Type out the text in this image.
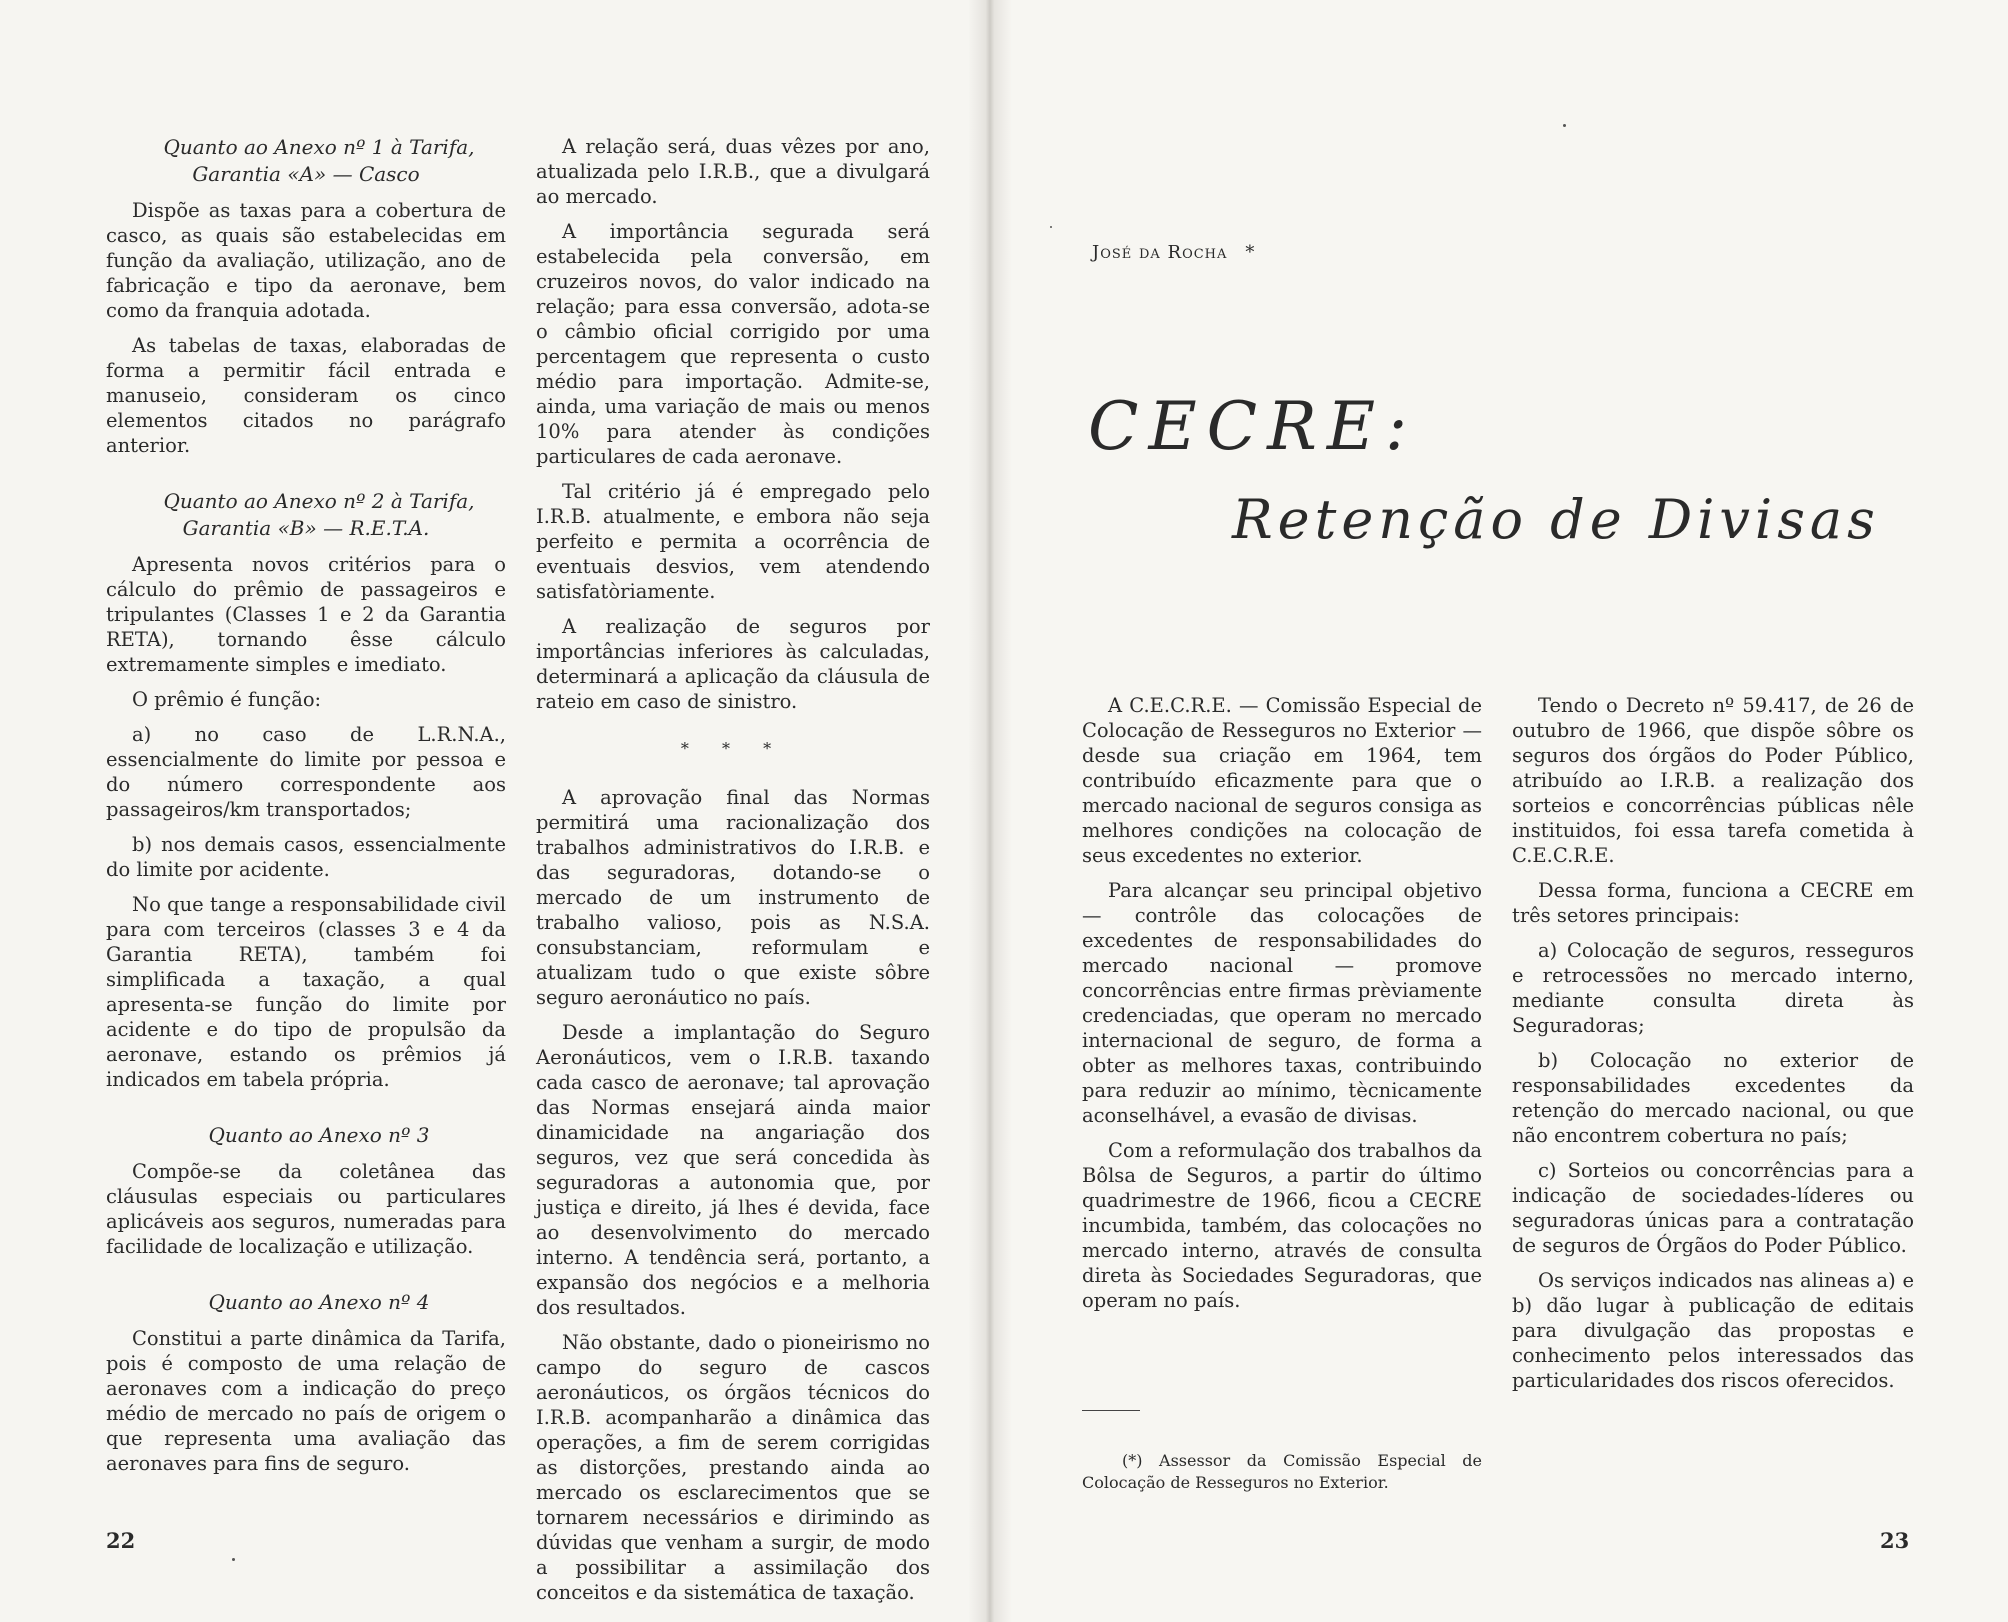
Quanto ao Anexo nº 1 à Tarifa, Garantia «A» — Casco

Dispõe as taxas para a cobertura de casco, as quais são estabelecidas em função da avaliação, utilização, ano de fabricação e tipo da aeronave, bem como da franquia adotada.

As tabelas de taxas, elaboradas de forma a permitir fácil entrada e manuseio, consideram os cinco elementos citados no parágrafo anterior.

Quanto ao Anexo nº 2 à Tarifa, Garantia «B» — R.E.T.A.

Apresenta novos critérios para o cálculo do prêmio de passageiros e tripulantes (Classes 1 e 2 da Garantia RETA), tornando êsse cálculo extremamente simples e imediato.

O prêmio é função:

a) no caso de L.R.N.A., essencialmente do limite por pessoa e do número correspondente aos passageiros/km transportados;

b) nos demais casos, essencialmente do limite por acidente.

No que tange a responsabilidade civil para com terceiros (classes 3 e 4 da Garantia RETA), também foi simplificada a taxação, a qual apresenta-se função do limite por acidente e do tipo de propulsão da aeronave, estando os prêmios já indicados em tabela própria.

Quanto ao Anexo nº 3

Compõe-se da coletânea das cláusulas especiais ou particulares aplicáveis aos seguros, numeradas para facilidade de localização e utilização.

Quanto ao Anexo nº 4

Constitui a parte dinâmica da Tarifa, pois é composto de uma relação de aeronaves com a indicação do preço médio de mercado no país de origem o que representa uma avaliação das aeronaves para fins de seguro.

A relação será, duas vêzes por ano, atualizada pelo I.R.B., que a divulgará ao mercado.

A importância segurada será estabelecida pela conversão, em cruzeiros novos, do valor indicado na relação; para essa conversão, adota-se o câmbio oficial corrigido por uma percentagem que representa o custo médio para importação. Admite-se, ainda, uma variação de mais ou menos 10% para atender às condições particulares de cada aeronave.

Tal critério já é empregado pelo I.R.B. atualmente, e embora não seja perfeito e permita a ocorrência de eventuais desvios, vem atendendo satisfatòriamente.

A realização de seguros por importâncias inferiores às calculadas, determinará a aplicação da cláusula de rateio em caso de sinistro.

* * *

A aprovação final das Normas permitirá uma racionalização dos trabalhos administrativos do I.R.B. e das seguradoras, dotando-se o mercado de um instrumento de trabalho valioso, pois as N.S.A. consubstanciam, reformulam e atualizam tudo o que existe sôbre seguro aeronáutico no país.

Desde a implantação do Seguro Aeronáuticos, vem o I.R.B. taxando cada casco de aeronave; tal aprovação das Normas ensejará ainda maior dinamicidade na angariação dos seguros, vez que será concedida às seguradoras a autonomia que, por justiça e direito, já lhes é devida, face ao desenvolvimento do mercado interno. A tendência será, portanto, a expansão dos negócios e a melhoria dos resultados.

Não obstante, dado o pioneirismo no campo do seguro de cascos aeronáuticos, os órgãos técnicos do I.R.B. acompanharão a dinâmica das operações, a fim de serem corrigidas as distorções, prestando ainda ao mercado os esclarecimentos que se tornarem necessários e dirimindo as dúvidas que venham a surgir, de modo a possibilitar a assimilação dos conceitos e da sistemática de taxação.

22
José da Rocha *
CECRE:
Retenção de Divisas

A C.E.C.R.E. — Comissão Especial de Colocação de Resseguros no Exterior — desde sua criação em 1964, tem contribuído eficazmente para que o mercado nacional de seguros consiga as melhores condições na colocação de seus excedentes no exterior.

Para alcançar seu principal objetivo — contrôle das colocações de excedentes de responsabilidades do mercado nacional — promove concorrências entre firmas prèviamente credenciadas, que operam no mercado internacional de seguro, de forma a obter as melhores taxas, contribuindo para reduzir ao mínimo, tècnicamente aconselhável, a evasão de divisas.

Com a reformulação dos trabalhos da Bôlsa de Seguros, a partir do último quadrimestre de 1966, ficou a CECRE incumbida, também, das colocações no mercado interno, através de consulta direta às Sociedades Seguradoras, que operam no país.

(*) Assessor da Comissão Especial de Colocação de Resseguros no Exterior.

Tendo o Decreto nº 59.417, de 26 de outubro de 1966, que dispõe sôbre os seguros dos órgãos do Poder Público, atribuído ao I.R.B. a realização dos sorteios e concorrências públicas nêle instituidos, foi essa tarefa cometida à C.E.C.R.E.

Dessa forma, funciona a CECRE em três setores principais:

a) Colocação de seguros, resseguros e retrocessões no mercado interno, mediante consulta direta às Seguradoras;

b) Colocação no exterior de responsabilidades excedentes da retenção do mercado nacional, ou que não encontrem cobertura no país;

c) Sorteios ou concorrências para a indicação de sociedades-líderes ou seguradoras únicas para a contratação de seguros de Órgãos do Poder Público.

Os serviços indicados nas alineas a) e b) dão lugar à publicação de editais para divulgação das propostas e conhecimento pelos interessados das particularidades dos riscos oferecidos.

23
